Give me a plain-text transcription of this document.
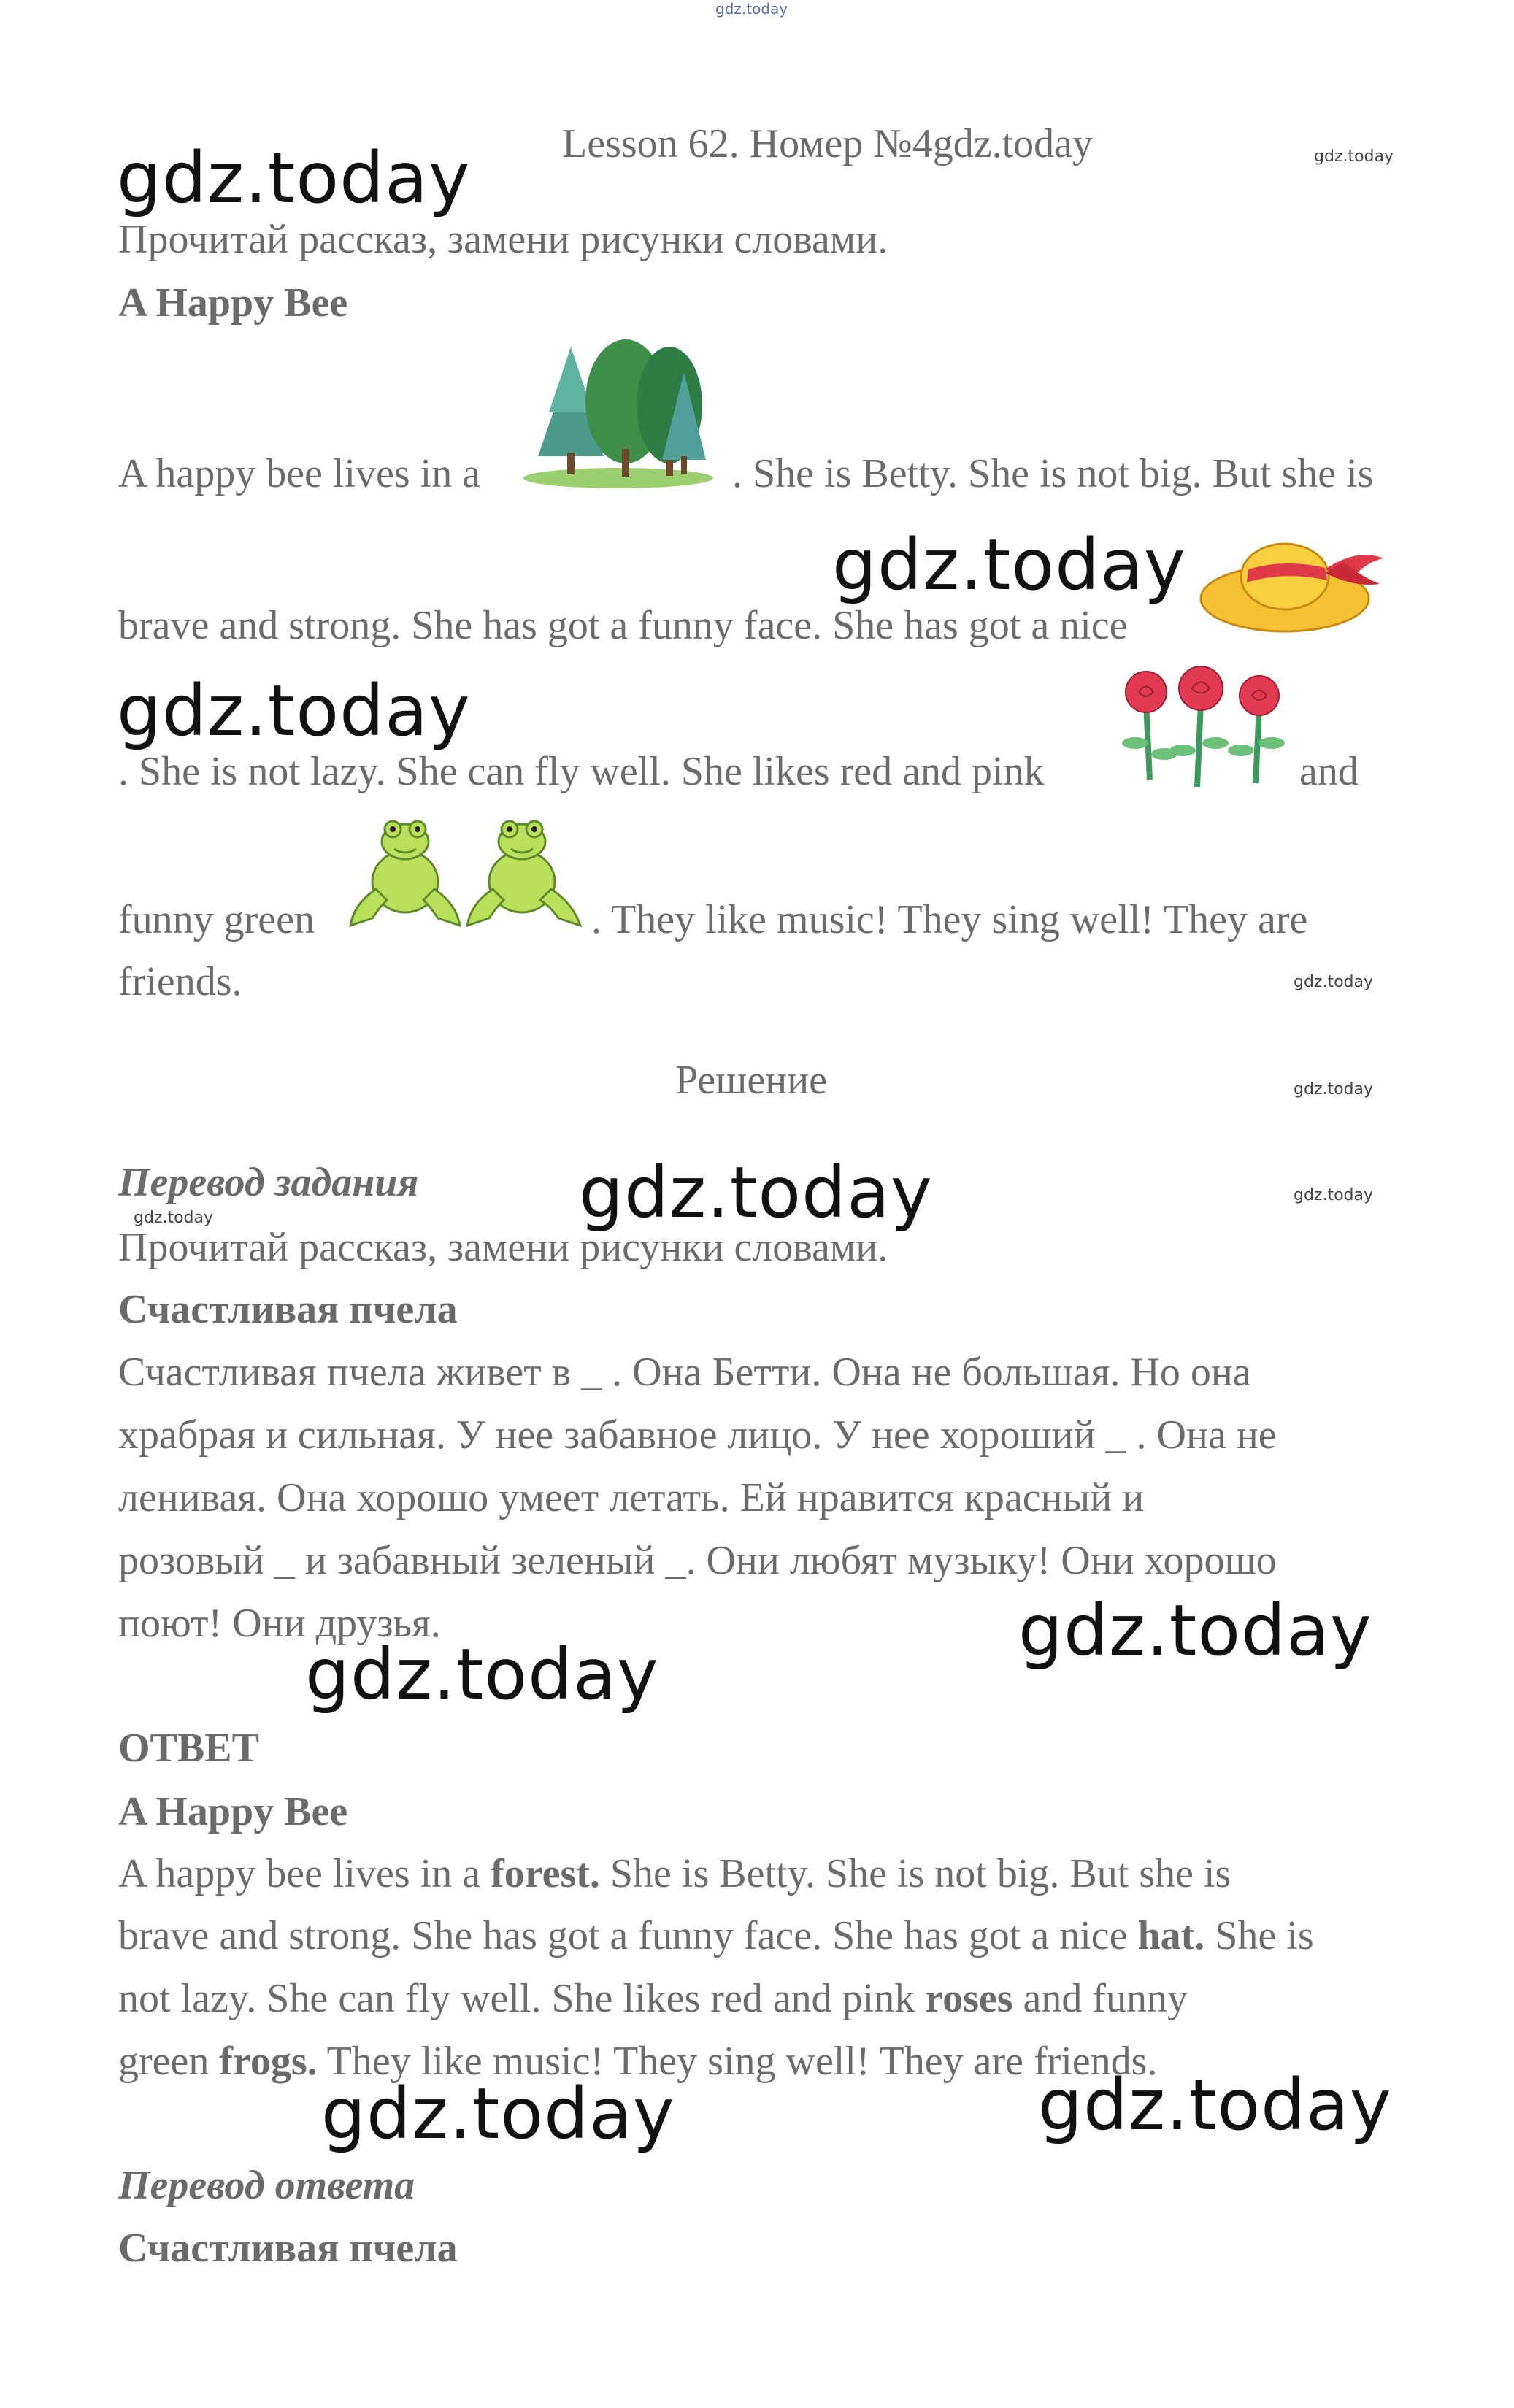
gdz.today
Lesson 62. Номер №4gdz.today	gdz.today
gdz.today
Прочитай рассказ, замени рисунки словами.
A Happy Bee
A happy bee lives in a	. She is Betty. She is not big. But she is
gdz.today
brave and strong. She has got a funny face. She has got a nice
gdz.today
. She is not lazy. She can fly well. She likes red and pink	and
funny green	. They like music! They sing well! They are
friends.	gdz.today
Решение	gdz.today
Перевод задания gdz.today	gdz.today
gdz.today
Прочитай рассказ, замени рисунки словами.
Счастливая пчела
Счастливая пчела живет в _ . Она Бетти. Она не большая. Но она
храбрая и сильная. У нее забавное лицо. У нее хороший _ . Она не
ленивая. Она хорошо умеет летать. Ей нравится красный и
розовый _ и забавный зеленый _. Они любят музыку! Они хорошо
поют! Они друзья.	gdz.today
gdz.today
ОТВЕТ
A Happy Bee
A happy bee lives in a forest. She is Betty. She is not big. But she is
brave and strong. She has got a funny face. She has got a nice hat. She is
not lazy. She can fly well. She likes red and pink roses and funny
green frogs. They like music! They sing well! They are friends.
gdz.today
gdz.today
Перевод ответа
Счастливая пчела
